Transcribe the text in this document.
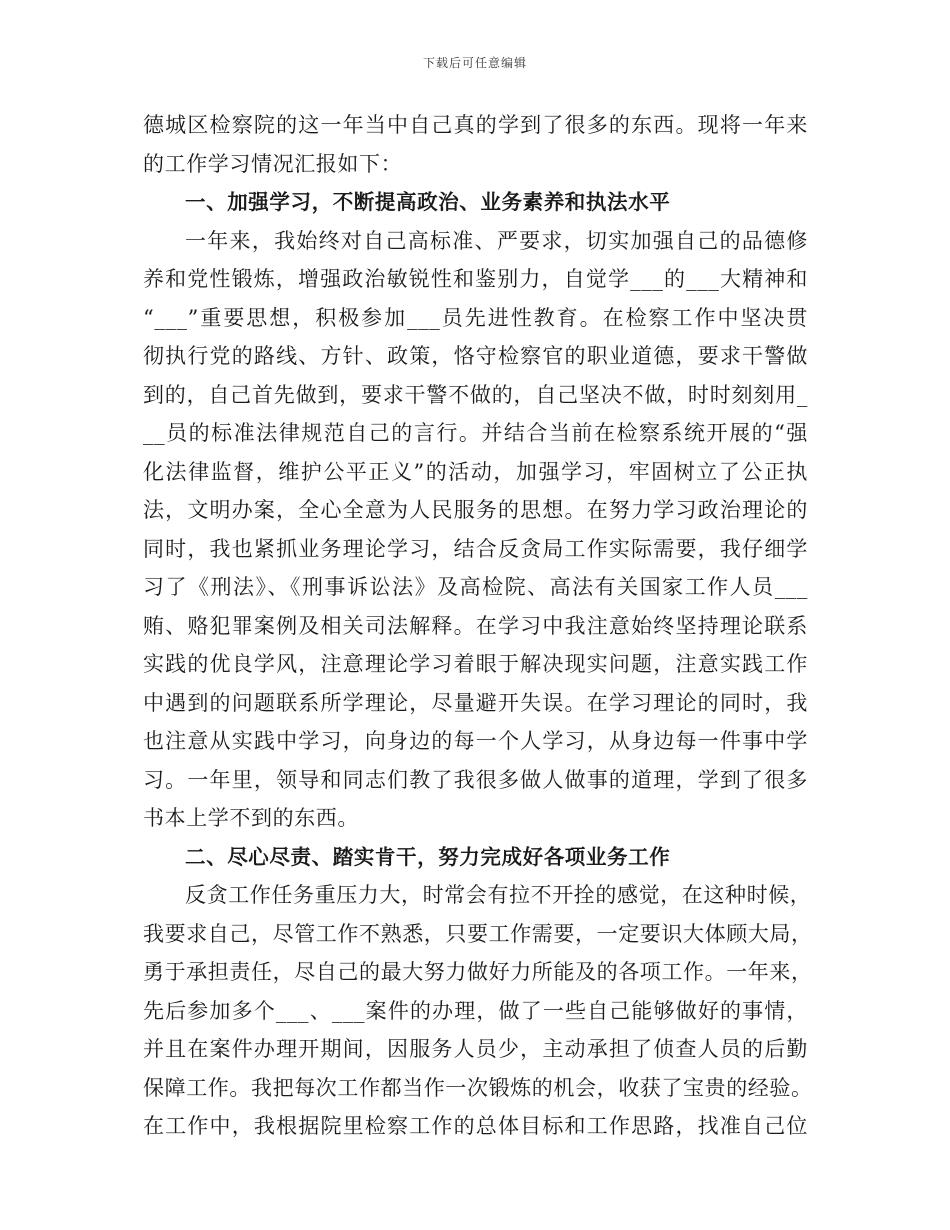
下载后可任意编辑
德城区检察院的这一年当中自己真的学到了很多的东西。现将一年来
的工作学习情况汇报如下：
一、加强学习，不断提高政治、业务素养和执法水平
一年来，我始终对自己高标准、严要求，切实加强自己的品德修
养和党性锻炼，增强政治敏锐性和鉴别力，自觉学___的___大精神和
“___”重要思想，积极参加___员先进性教育。在检察工作中坚决贯
彻执行党的路线、方针、政策，恪守检察官的职业道德，要求干警做
到的，自己首先做到，要求干警不做的，自己坚决不做，时时刻刻用_
__员的标准法律规范自己的言行。并结合当前在检察系统开展的“强
化法律监督，维护公平正义”的活动，加强学习，牢固树立了公正执
法，文明办案，全心全意为人民服务的思想。在努力学习政治理论的
同时，我也紧抓业务理论学习，结合反贪局工作实际需要，我仔细学
习了《刑法》、《刑事诉讼法》及高检院、高法有关国家工作人员___
贿、赂犯罪案例及相关司法解释。在学习中我注意始终坚持理论联系
实践的优良学风，注意理论学习着眼于解决现实问题，注意实践工作
中遇到的问题联系所学理论，尽量避开失误。在学习理论的同时，我
也注意从实践中学习，向身边的每一个人学习，从身边每一件事中学
习。一年里，领导和同志们教了我很多做人做事的道理，学到了很多
书本上学不到的东西。
二、尽心尽责、踏实肯干，努力完成好各项业务工作
反贪工作任务重压力大，时常会有拉不开拴的感觉，在这种时候，
我要求自己，尽管工作不熟悉，只要工作需要，一定要识大体顾大局，
勇于承担责任，尽自己的最大努力做好力所能及的各项工作。一年来，
先后参加多个___、___案件的办理，做了一些自己能够做好的事情，
并且在案件办理开期间，因服务人员少，主动承担了侦查人员的后勤
保障工作。我把每次工作都当作一次锻炼的机会，收获了宝贵的经验。
在工作中，我根据院里检察工作的总体目标和工作思路，找准自己位
